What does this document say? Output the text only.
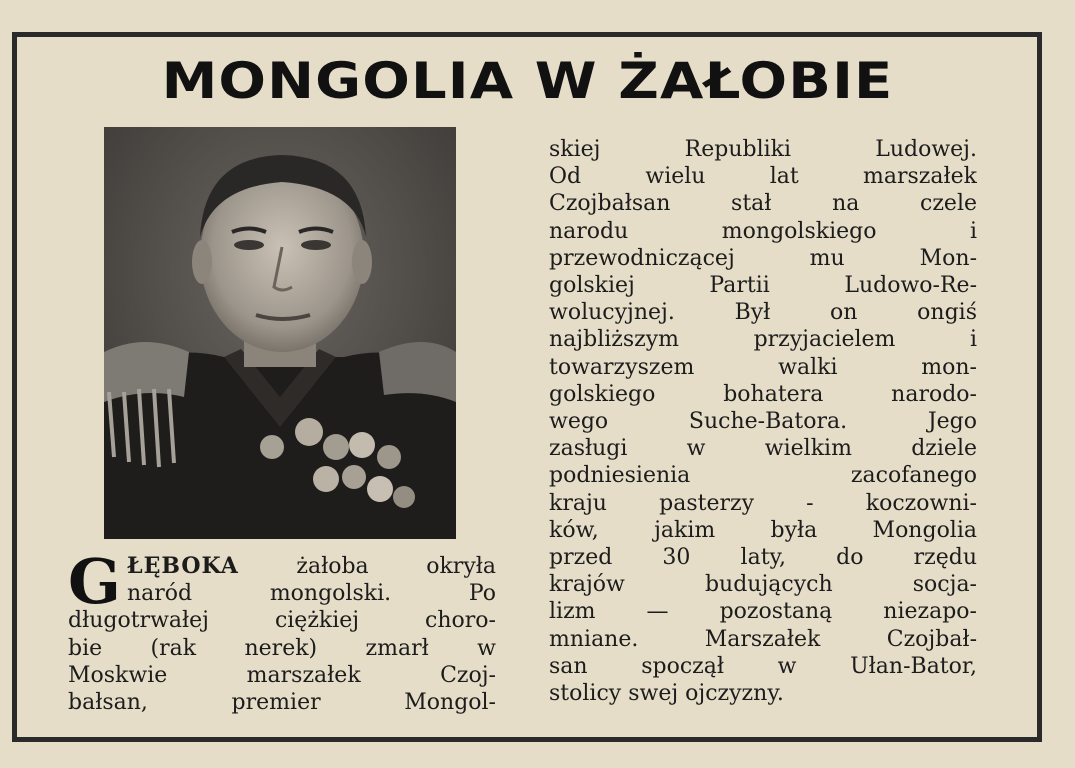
MONGOLIA W ŻAŁOBIE
G ŁĘBOKA żałoba okryła
naród mongolski. Po
długotrwałej ciężkiej choro-
bie (rak nerek) zmarł w
Moskwie marszałek Czoj-
bałsan, premier Mongol-
skiej Republiki Ludowej.
Od wielu lat marszałek
Czojbałsan stał na czele
narodu mongolskiego i
przewodniczącej mu Mon-
golskiej Partii Ludowo-Re-
wolucyjnej. Był on ongiś
najbliższym przyjacielem i
towarzyszem walki mon-
golskiego bohatera narodo-
wego Suche-Batora. Jego
zasługi w wielkim dziele
podniesienia zacofanego
kraju pasterzy - koczowni-
ków, jakim była Mongolia
przed 30 laty, do rzędu
krajów budujących socja-
lizm — pozostaną niezapo-
mniane. Marszałek Czojbał-
san spoczął w Ułan-Bator,
stolicy swej ojczyzny.
